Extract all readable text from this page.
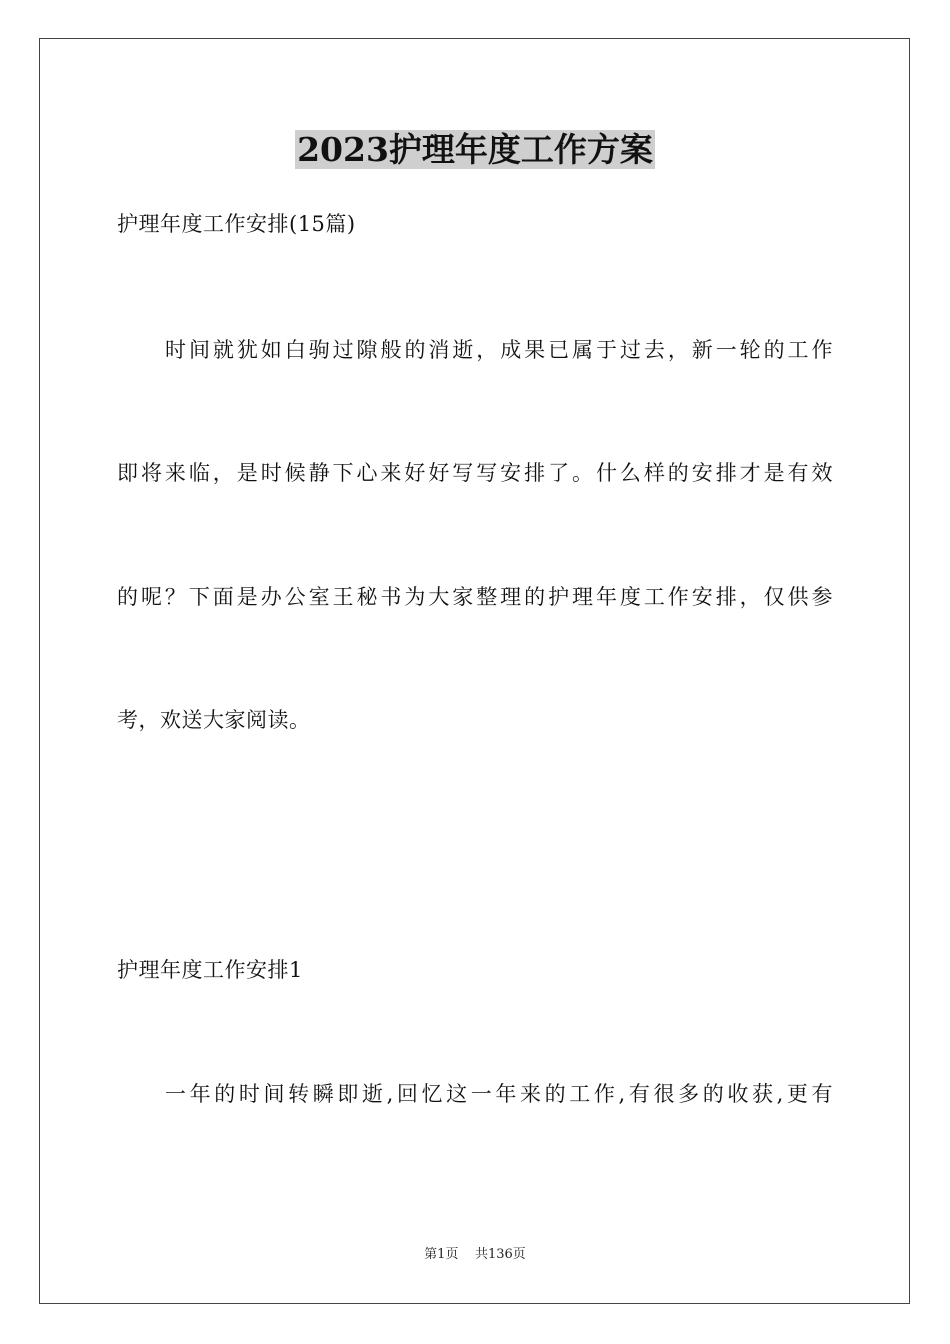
2023护理年度工作方案
护理年度工作安排(15篇)
时间就犹如白驹过隙般的消逝，成果已属于过去，新一轮的工作
即将来临，是时候静下心来好好写写安排了。什么样的安排才是有效
的呢？下面是办公室王秘书为大家整理的护理年度工作安排，仅供参
考，欢送大家阅读。
护理年度工作安排1
一年的时间转瞬即逝,回忆这一年来的工作,有很多的收获,更有
第1页 共136页
